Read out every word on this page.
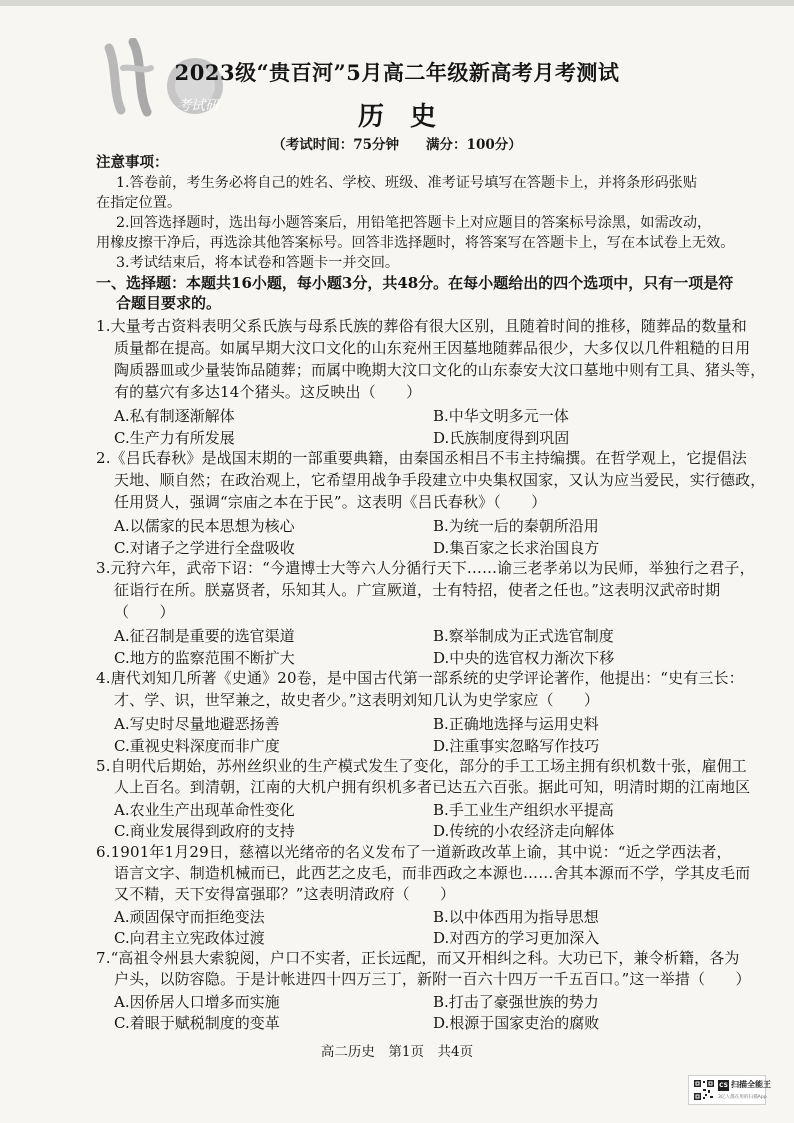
考试研
2023级“贵百河”5月高二年级新高考月考测试
历史
（考试时间：75分钟　　满分：100分）
注意事项：
1.答卷前，考生务必将自己的姓名、学校、班级、准考证号填写在答题卡上，并将条形码张贴
在指定位置。
2.回答选择题时，选出每小题答案后，用铅笔把答题卡上对应题目的答案标号涂黑，如需改动，
用橡皮擦干净后，再选涂其他答案标号。回答非选择题时，将答案写在答题卡上，写在本试卷上无效。
3.考试结束后，将本试卷和答题卡一并交回。
一、选择题：本题共16小题，每小题3分，共48分。在每小题给出的四个选项中，只有一项是符
合题目要求的。
1.大量考古资料表明父系氏族与母系氏族的葬俗有很大区别，且随着时间的推移，随葬品的数量和
质量都在提高。如属早期大汶口文化的山东兖州王因墓地随葬品很少，大多仅以几件粗糙的日用
陶质器皿或少量装饰品随葬；而属中晚期大汶口文化的山东泰安大汶口墓地中则有工具、猪头等，
有的墓穴有多达14个猪头。这反映出（　　）
A.私有制逐渐解体	B.中华文明多元一体
C.生产力有所发展	D.氏族制度得到巩固
2.《吕氏春秋》是战国末期的一部重要典籍，由秦国丞相吕不韦主持编撰。在哲学观上，它提倡法
天地、顺自然；在政治观上，它希望用战争手段建立中央集权国家，又认为应当爱民，实行德政，
任用贤人，强调“宗庙之本在于民”。这表明《吕氏春秋》（　　）
A.以儒家的民本思想为核心	B.为统一后的秦朝所沿用
C.对诸子之学进行全盘吸收	D.集百家之长求治国良方
3.元狩六年，武帝下诏：“今遣博士大等六人分循行天下……谕三老孝弟以为民师，举独行之君子，
征诣行在所。朕嘉贤者，乐知其人。广宣厥道，士有特招，使者之任也。”这表明汉武帝时期
（　　）
A.征召制是重要的选官渠道	B.察举制成为正式选官制度
C.地方的监察范围不断扩大	D.中央的选官权力渐次下移
4.唐代刘知几所著《史通》20卷，是中国古代第一部系统的史学评论著作，他提出：“史有三长：
才、学、识，世罕兼之，故史者少。”这表明刘知几认为史学家应（　　）
A.写史时尽量地避恶扬善	B.正确地选择与运用史料
C.重视史料深度而非广度	D.注重事实忽略写作技巧
5.自明代后期始，苏州丝织业的生产模式发生了变化，部分的手工工场主拥有织机数十张，雇佣工
人上百名。到清朝，江南的大机户拥有织机多者已达五六百张。据此可知，明清时期的江南地区
A.农业生产出现革命性变化	B.手工业生产组织水平提高
C.商业发展得到政府的支持	D.传统的小农经济走向解体
6.1901年1月29日，慈禧以光绪帝的名义发布了一道新政改革上谕，其中说：“近之学西法者，
语言文字、制造机械而已，此西艺之皮毛，而非西政之本源也……舍其本源而不学，学其皮毛而
又不精，天下安得富强耶？”这表明清政府（　　）
A.顽固保守而拒绝变法	B.以中体西用为指导思想
C.向君主立宪政体过渡	D.对西方的学习更加深入
7.“高祖令州县大索貌阅，户口不实者，正长远配，而又开相纠之科。大功已下，兼令析籍，各为
户头，以防容隐。于是计帐进四十四万三丁，新附一百六十四万一千五百口。”这一举措（　　）
A.因侨居人口增多而实施	B.打击了豪强世族的势力
C.着眼于赋税制度的变革	D.根源于国家吏治的腐败
高二历史　第1页　共4页
CS 扫描全能王
3亿人都在用的扫描App
